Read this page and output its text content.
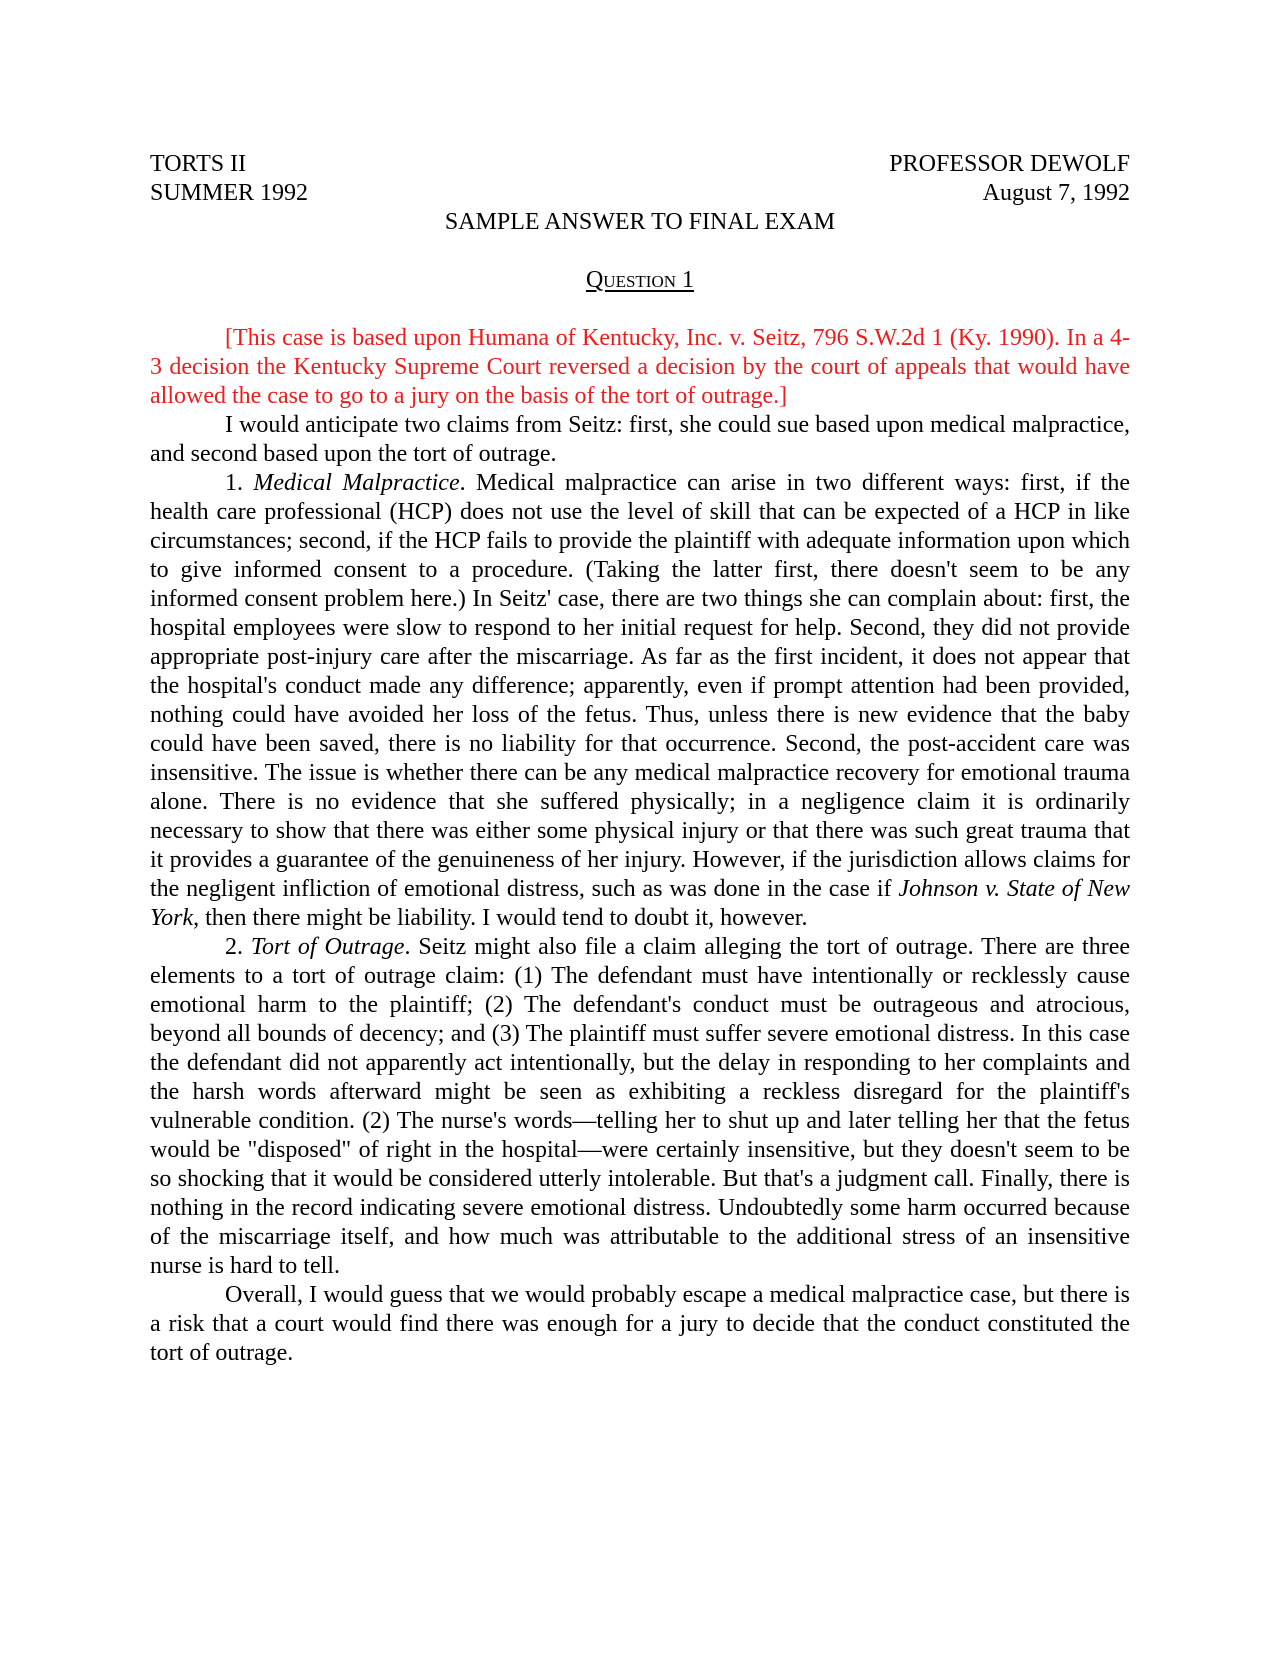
TORTS II	PROFESSOR DEWOLF
SUMMER 1992	August 7, 1992
SAMPLE ANSWER TO FINAL EXAM
Question 1

[This case is based upon Humana of Kentucky, Inc. v. Seitz, 796 S.W.2d 1 (Ky. 1990). In a 4-3 decision the Kentucky Supreme Court reversed a decision by the court of appeals that would have allowed the case to go to a jury on the basis of the tort of outrage.]

I would anticipate two claims from Seitz: first, she could sue based upon medical malpractice, and second based upon the tort of outrage.

1. Medical Malpractice. Medical malpractice can arise in two different ways: first, if the health care professional (HCP) does not use the level of skill that can be expected of a HCP in like circumstances; second, if the HCP fails to provide the plaintiff with adequate information upon which to give informed consent to a procedure. (Taking the latter first, there doesn't seem to be any informed consent problem here.) In Seitz' case, there are two things she can complain about: first, the hospital employees were slow to respond to her initial request for help. Second, they did not provide appropriate post-injury care after the miscarriage. As far as the first incident, it does not appear that the hospital's conduct made any difference; apparently, even if prompt attention had been provided, nothing could have avoided her loss of the fetus. Thus, unless there is new evidence that the baby could have been saved, there is no liability for that occurrence. Second, the post-accident care was insensitive. The issue is whether there can be any medical malpractice recovery for emotional trauma alone. There is no evidence that she suffered physically; in a negligence claim it is ordinarily necessary to show that there was either some physical injury or that there was such great trauma that it provides a guarantee of the genuineness of her injury. However, if the jurisdiction allows claims for the negligent infliction of emotional distress, such as was done in the case if Johnson v. State of New York, then there might be liability. I would tend to doubt it, however.

2. Tort of Outrage. Seitz might also file a claim alleging the tort of outrage. There are three elements to a tort of outrage claim: (1) The defendant must have intentionally or recklessly cause emotional harm to the plaintiff; (2) The defendant's conduct must be outrageous and atrocious, beyond all bounds of decency; and (3) The plaintiff must suffer severe emotional distress. In this case the defendant did not apparently act intentionally, but the delay in responding to her complaints and the harsh words afterward might be seen as exhibiting a reckless disregard for the plaintiff's vulnerable condition. (2) The nurse's words—telling her to shut up and later telling her that the fetus would be "disposed" of right in the hospital—were certainly insensitive, but they doesn't seem to be so shocking that it would be considered utterly intolerable. But that's a judgment call. Finally, there is nothing in the record indicating severe emotional distress. Undoubtedly some harm occurred because of the miscarriage itself, and how much was attributable to the additional stress of an insensitive nurse is hard to tell.

Overall, I would guess that we would probably escape a medical malpractice case, but there is a risk that a court would find there was enough for a jury to decide that the conduct constituted the tort of outrage.
